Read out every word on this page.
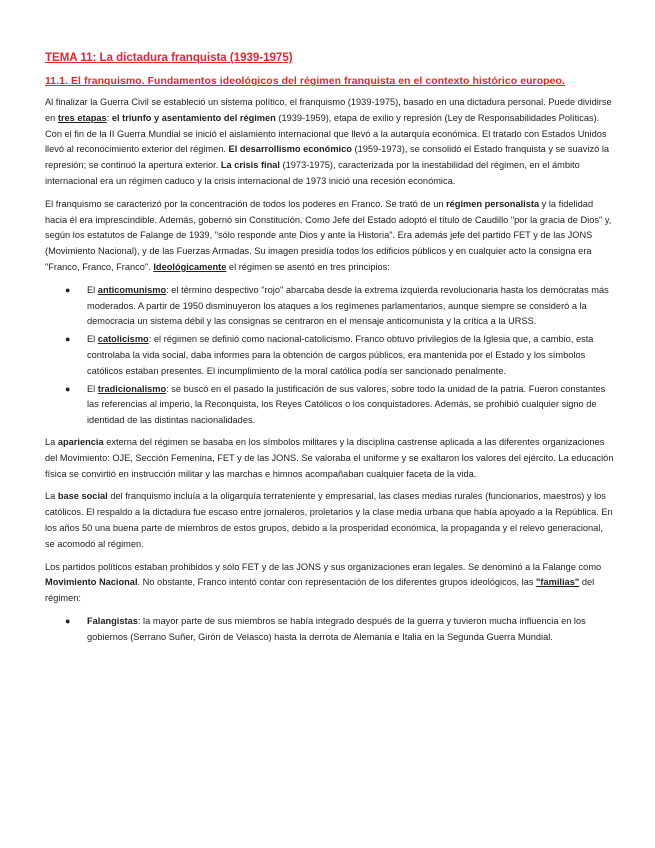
TEMA 11: La dictadura franquista (1939-1975)
11.1. El franquismo. Fundamentos ideológicos del régimen franquista en el contexto histórico europeo.

Al finalizar la Guerra Civil se estableció un sistema político, el franquismo (1939-1975), basado en una dictadura personal. Puede dividirse en tres etapas: el triunfo y asentamiento del régimen (1939-1959), etapa de exilio y represión (Ley de Responsabilidades Políticas). Con el fin de la II Guerra Mundial se inició el aislamiento internacional que llevó a la autarquía económica. El tratado con Estados Unidos llevó al reconocimiento exterior del régimen. El desarrollismo económico (1959-1973), se consolidó el Estado franquista y se suavizó la represión; se continuó la apertura exterior. La crisis final (1973-1975), caracterizada por la inestabilidad del régimen, en el ámbito internacional era un régimen caduco y la crisis internacional de 1973 inició una recesión económica.

El franquismo se caracterizó por la concentración de todos los poderes en Franco. Se trató de un régimen personalista y la fidelidad hacia él era imprescindible. Además, gobernó sin Constitución. Como Jefe del Estado adoptó el título de Caudillo "por la gracia de Dios" y, según los estatutos de Falange de 1939, "sólo responde ante Dios y ante la Historia". Era además jefe del partido FET y de las JONS (Movimiento Nacional), y de las Fuerzas Armadas. Su imagen presidía todos los edificios públicos y en cualquier acto la consigna era "Franco, Franco, Franco". Ideológicamente el régimen se asentó en tres principios:

● El anticomunismo: el término despectivo "rojo" abarcaba desde la extrema izquierda revolucionaria hasta los demócratas más moderados. A partir de 1950 disminuyeron los ataques a los regímenes parlamentarios, aunque siempre se consideró a la democracia un sistema débil y las consignas se centraron en el mensaje anticomunista y la crítica a la URSS.
● El catolicismo: el régimen se definió como nacional-catolicismo. Franco obtuvo privilegios de la Iglesia que, a cambio, esta controlaba la vida social, daba informes para la obtención de cargos públicos, era mantenida por el Estado y los símbolos católicos estaban presentes. El incumplimiento de la moral católica podía ser sancionado penalmente.
● El tradicionalismo: se buscó en el pasado la justificación de sus valores, sobre todo la unidad de la patria. Fueron constantes las referencias al imperio, la Reconquista, los Reyes Católicos o los conquistadores. Además, se prohibió cualquier signo de identidad de las distintas nacionalidades.

La apariencia externa del régimen se basaba en los símbolos militares y la disciplina castrense aplicada a las diferentes organizaciones del Movimiento: OJE, Sección Femenina, FET y de las JONS. Se valoraba el uniforme y se exaltaron los valores del ejército. La educación física se convirtió en instrucción militar y las marchas e himnos acompañaban cualquier faceta de la vida.

La base social del franquismo incluía a la oligarquía terrateniente y empresarial, las clases medias rurales (funcionarios, maestros) y los católicos. El respaldo a la dictadura fue escaso entre jornaleros, proletarios y la clase media urbana que había apoyado a la República. En los años 50 una buena parte de miembros de estos grupos, debido a la prosperidad económica, la propaganda y el relevo generacional, se acomodó al régimen.

Los partidos políticos estaban prohibidos y sólo FET y de las JONS y sus organizaciones eran legales. Se denominó a la Falange como Movimiento Nacional. No obstante, Franco intentó contar con representación de los diferentes grupos ideológicos, las "familias" del régimen:

● Falangistas: la mayor parte de sus miembros se había integrado después de la guerra y tuvieron mucha influencia en los gobiernos (Serrano Suñer, Girón de Velasco) hasta la derrota de Alemania e Italia en la Segunda Guerra Mundial.
